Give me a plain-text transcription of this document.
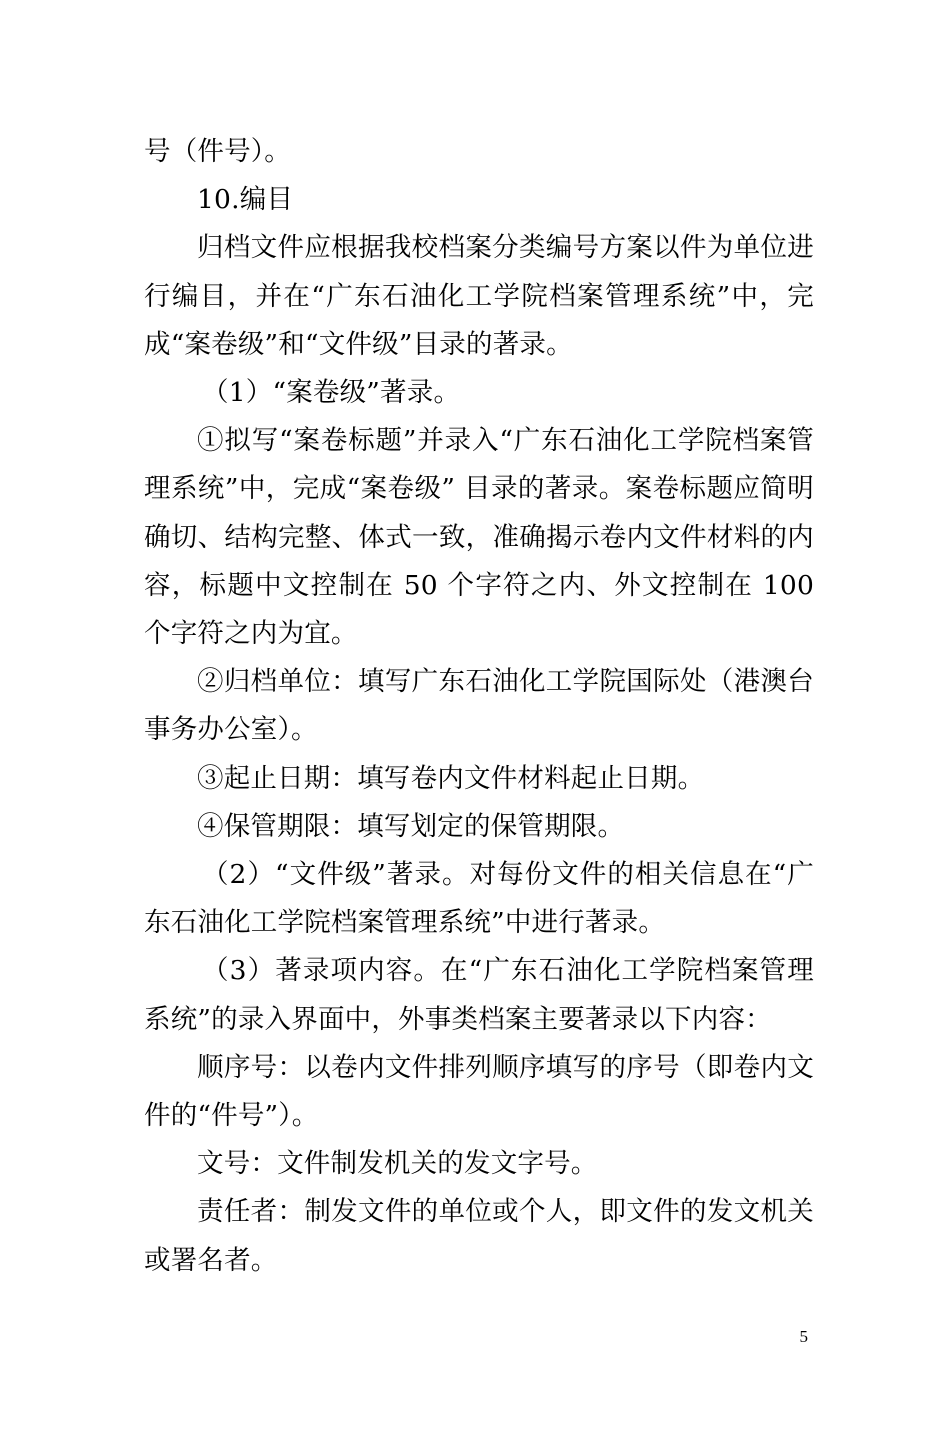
号（件号）。

10.编目

归档文件应根据我校档案分类编号方案以件为单位进行编目，并在“广东石油化工学院档案管理系统”中，完成“案卷级”和“文件级”目录的著录。

（1）“案卷级”著录。

①拟写“案卷标题”并录入“广东石油化工学院档案管理系统”中，完成“案卷级” 目录的著录。案卷标题应简明确切、结构完整、体式一致，准确揭示卷内文件材料的内容，标题中文控制在 50 个字符之内、外文控制在 100 个字符之内为宜。

②归档单位：填写广东石油化工学院国际处（港澳台事务办公室）。

③起止日期：填写卷内文件材料起止日期。

④保管期限：填写划定的保管期限。

（2）“文件级”著录。对每份文件的相关信息在“广东石油化工学院档案管理系统”中进行著录。

（3）著录项内容。在“广东石油化工学院档案管理系统”的录入界面中，外事类档案主要著录以下内容：

顺序号：以卷内文件排列顺序填写的序号（即卷内文件的“件号”）。

文号：文件制发机关的发文字号。

责任者：制发文件的单位或个人，即文件的发文机关或署名者。

5
